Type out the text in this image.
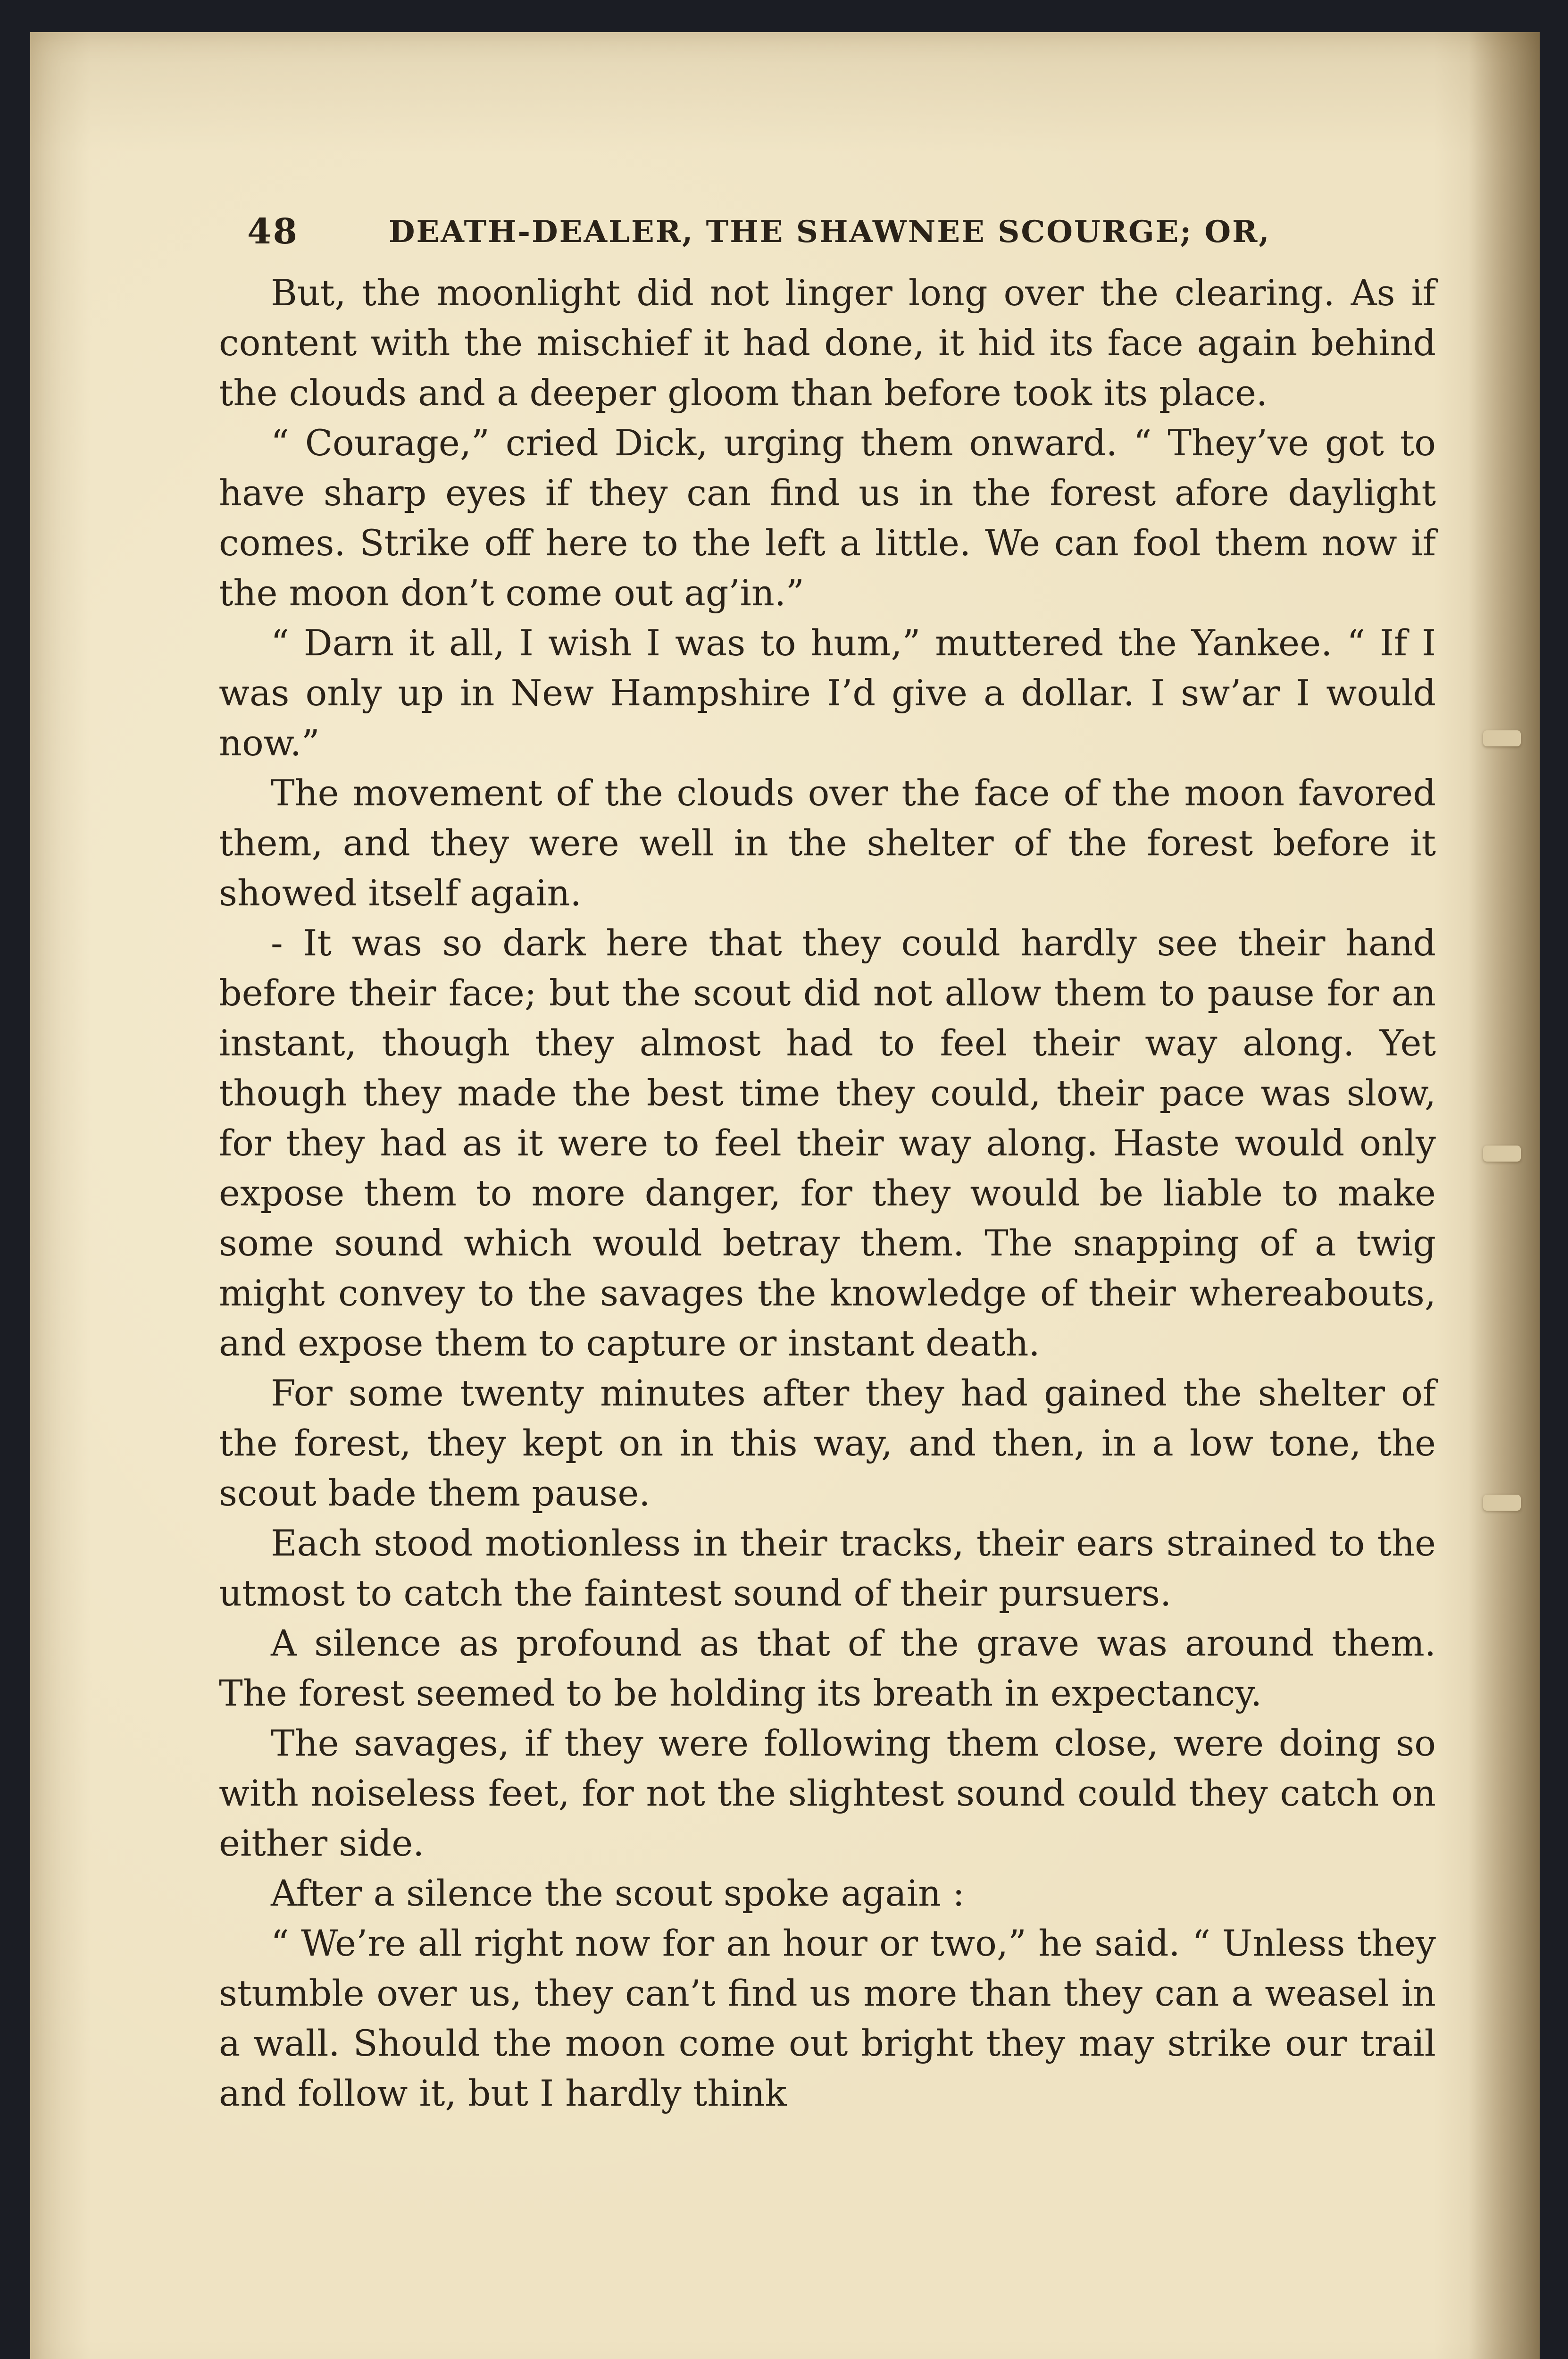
48	DEATH-DEALER, THE SHAWNEE SCOURGE; OR,

But, the moonlight did not linger long over the clearing. As if content with the mischief it had done, it hid its face again behind the clouds and a deeper gloom than before took its place.

“ Courage,” cried Dick, urging them onward. “ They’ve got to have sharp eyes if they can find us in the forest afore daylight comes. Strike off here to the left a little. We can fool them now if the moon don’t come out ag’in.”

“ Darn it all, I wish I was to hum,” muttered the Yankee. “ If I was only up in New Hampshire I’d give a dollar. I sw’ar I would now.”

The movement of the clouds over the face of the moon favored them, and they were well in the shelter of the forest before it showed itself again.

- It was so dark here that they could hardly see their hand before their face; but the scout did not allow them to pause for an instant, though they almost had to feel their way along. Yet though they made the best time they could, their pace was slow, for they had as it were to feel their way along. Haste would only expose them to more danger, for they would be liable to make some sound which would betray them. The snapping of a twig might convey to the savages the knowledge of their whereabouts, and expose them to capture or instant death.

For some twenty minutes after they had gained the shelter of the forest, they kept on in this way, and then, in a low tone, the scout bade them pause.

Each stood motionless in their tracks, their ears strained to the utmost to catch the faintest sound of their pursuers.

A silence as profound as that of the grave was around them. The forest seemed to be holding its breath in expectancy.

The savages, if they were following them close, were doing so with noiseless feet, for not the slightest sound could they catch on either side.

After a silence the scout spoke again :

“ We’re all right now for an hour or two,” he said. “ Unless they stumble over us, they can’t find us more than they can a weasel in a wall. Should the moon come out bright they may strike our trail and follow it, but I hardly think
